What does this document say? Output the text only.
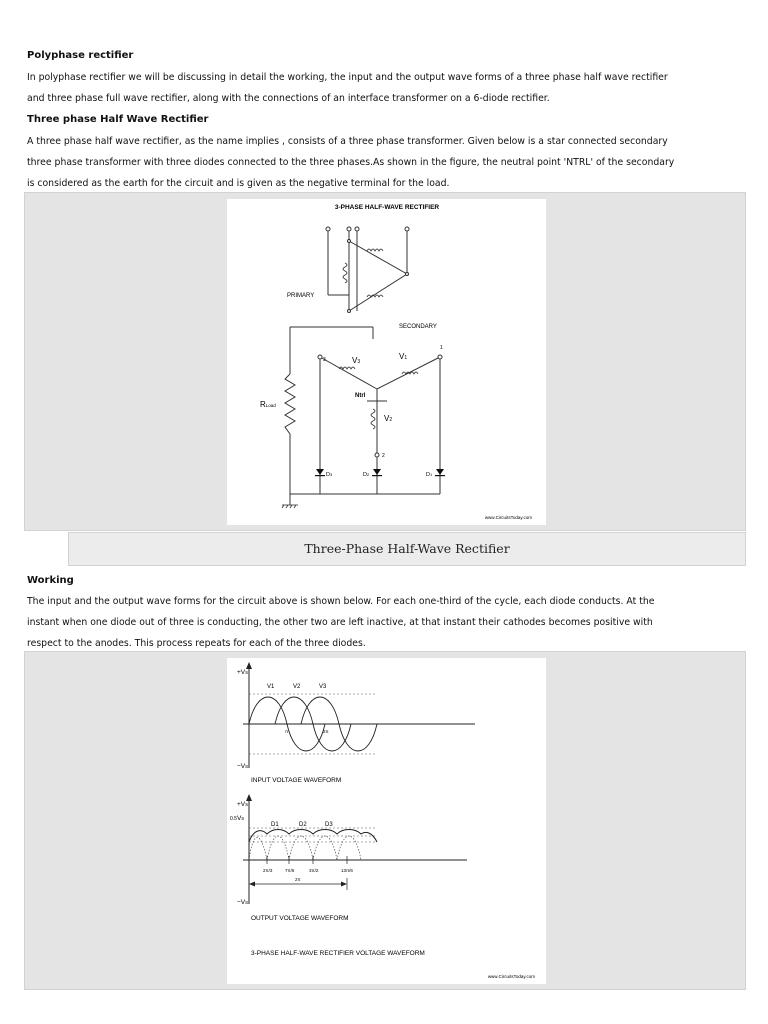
Polyphase rectifier
In polyphase rectifier we will be discussing in detail the working, the input and the output wave forms of a three phase half wave rectifier
and three phase full wave rectifier, along with the connections of an interface transformer on a 6-diode rectifier.
Three phase Half Wave Rectifier
A three phase half wave rectifier, as the name implies , consists of a three phase transformer. Given below is a star connected secondary
three phase transformer with three diodes connected to the three phases.As shown in the figure, the neutral point 'NTRL' of the secondary
is considered as the earth for the circuit and is given as the negative terminal for the load.
3-PHASE HALF-WAVE RECTIFIER
PRIMARY
SECONDARY
RLoad
Ntrl
V3
V1
V2
3
1
2
D3	D2	D1
www.CircuitsToday.com
Three-Phase Half-Wave Rectifier
Working
The input and the output wave forms for the circuit above is shown below. For each one-third of the cycle, each diode conducts. At the
instant when one diode out of three is conducting, the other two are left inactive, at that instant their cathodes becomes positive with
respect to the anodes. This process repeats for each of the three diodes.
+VS
−VS
V1	V2	V3
π	2π
INPUT VOLTAGE WAVEFORM
+VS
0.5VS
−VS
D1	D2	D3
2π/3	7π/6	3π/2	13π/6
2π
OUTPUT VOLTAGE WAVEFORM
3-PHASE HALF-WAVE RECTIFIER VOLTAGE WAVEFORM
www.CircuitsToday.com
